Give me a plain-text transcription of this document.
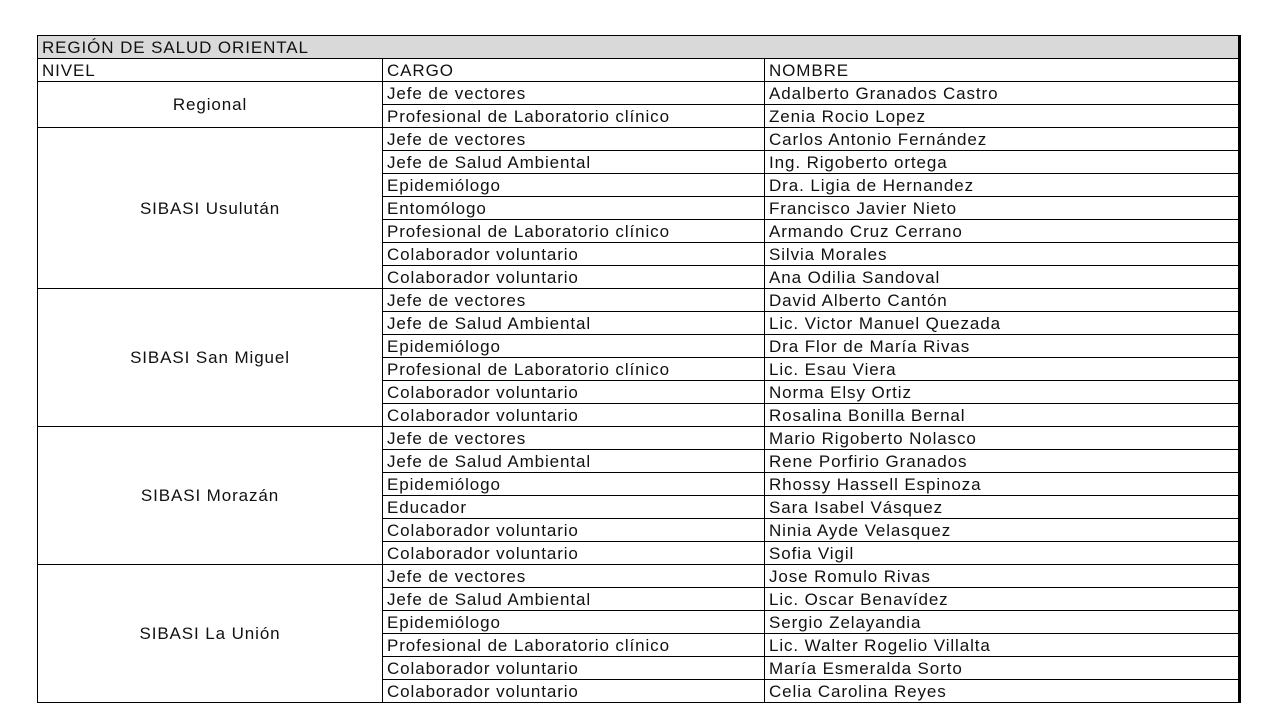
REGIÓN DE SALUD ORIENTAL		
NIVEL	CARGO	NOMBRE
Regional	Jefe de vectores	Adalberto Granados Castro
	Profesional de Laboratorio clínico	Zenia Rocio Lopez
SIBASI Usulután	Jefe de vectores	Carlos Antonio Fernández
	Jefe de Salud Ambiental	Ing. Rigoberto ortega
	Epidemiólogo	Dra. Ligia de Hernandez
	Entomólogo	Francisco Javier Nieto
	Profesional de Laboratorio clínico	Armando Cruz Cerrano
	Colaborador voluntario	Silvia Morales
	Colaborador voluntario	Ana Odilia Sandoval
SIBASI San Miguel	Jefe de vectores	David Alberto Cantón
	Jefe de Salud Ambiental	Lic. Victor Manuel Quezada
	Epidemiólogo	Dra Flor de María Rivas
	Profesional de Laboratorio clínico	Lic. Esau Viera
	Colaborador voluntario	Norma Elsy Ortiz
	Colaborador voluntario	Rosalina Bonilla Bernal
SIBASI Morazán	Jefe de vectores	Mario Rigoberto Nolasco
	Jefe de Salud Ambiental	Rene Porfirio Granados
	Epidemiólogo	Rhossy Hassell Espinoza
	Educador	Sara Isabel Vásquez
	Colaborador voluntario	Ninia Ayde Velasquez
	Colaborador voluntario	Sofia Vigil
SIBASI La Unión	Jefe de vectores	Jose Romulo Rivas
	Jefe de Salud Ambiental	Lic. Oscar Benavídez
	Epidemiólogo	Sergio Zelayandia
	Profesional de Laboratorio clínico	Lic. Walter Rogelio Villalta
	Colaborador voluntario	María Esmeralda Sorto
	Colaborador voluntario	Celia Carolina Reyes
